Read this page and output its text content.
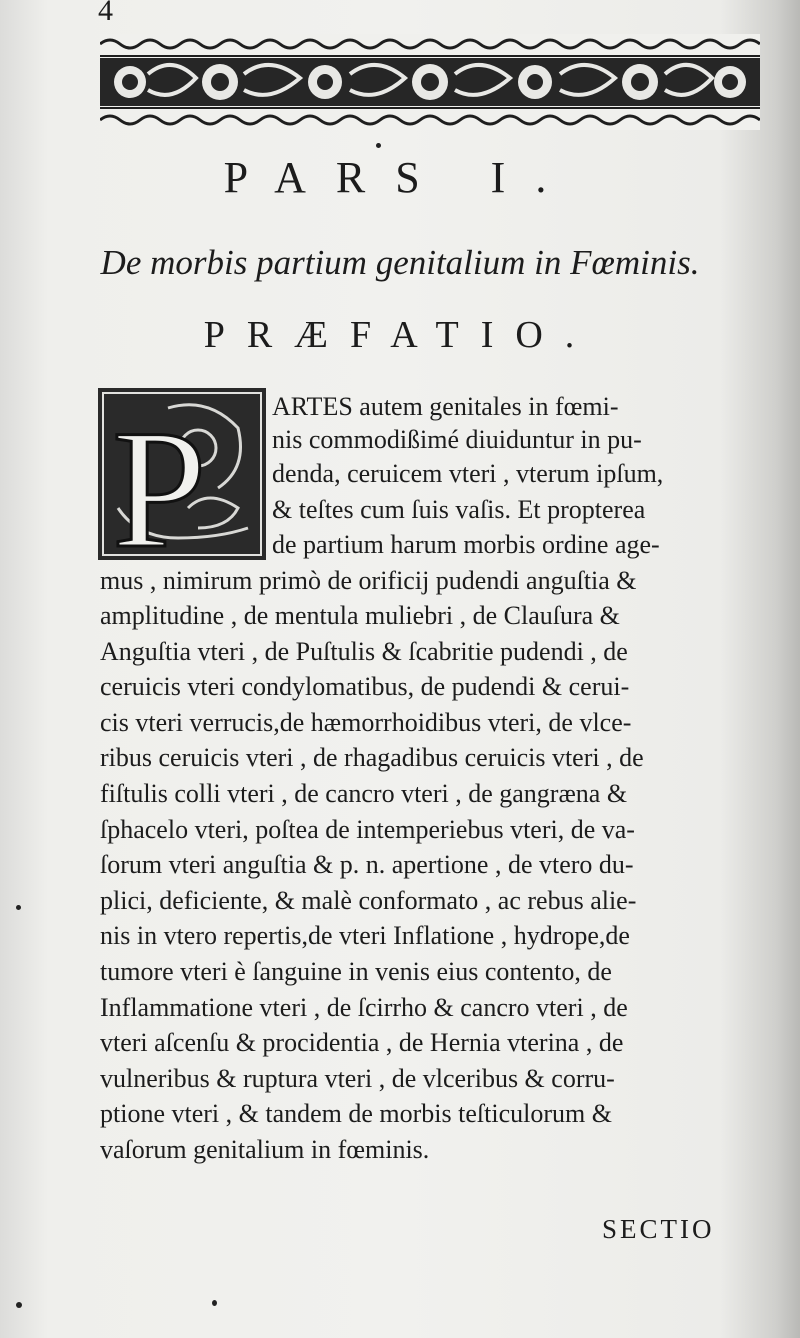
4
PARS I.
De morbis partium genitalium in Fœminis.
PRÆFATIO.
P	ARTES autem genitales in fœmi-
nis commodißimé diuiduntur in pu-
denda, ceruicem vteri , vterum ipſum,
& teſtes cum ſuis vaſis. Et propterea
de partium harum morbis ordine age-
mus , nimirum primò de orificij pudendi anguſtia &
amplitudine , de mentula muliebri , de Clauſura &
Anguſtia vteri , de Puſtulis & ſcabritie pudendi , de
ceruicis vteri condylomatibus, de pudendi & cerui-
cis vteri verrucis,de hæmorrhoidibus vteri, de vlce-
ribus ceruicis vteri , de rhagadibus ceruicis vteri , de
fiſtulis colli vteri , de cancro vteri , de gangræna &
ſphacelo vteri, poſtea de intemperiebus vteri, de va-
ſorum vteri anguſtia & p. n. apertione , de vtero du-
plici, deficiente, & malè conformato , ac rebus alie-
nis in vtero repertis,de vteri Inflatione , hydrope,de
tumore vteri è ſanguine in venis eius contento, de
Inflammatione vteri , de ſcirrho & cancro vteri , de
vteri aſcenſu & procidentia , de Hernia vterina , de
vulneribus & ruptura vteri , de vlceribus & corru-
ptione vteri , & tandem de morbis teſticulorum &
vaſorum genitalium in fœminis.
SECTIO
